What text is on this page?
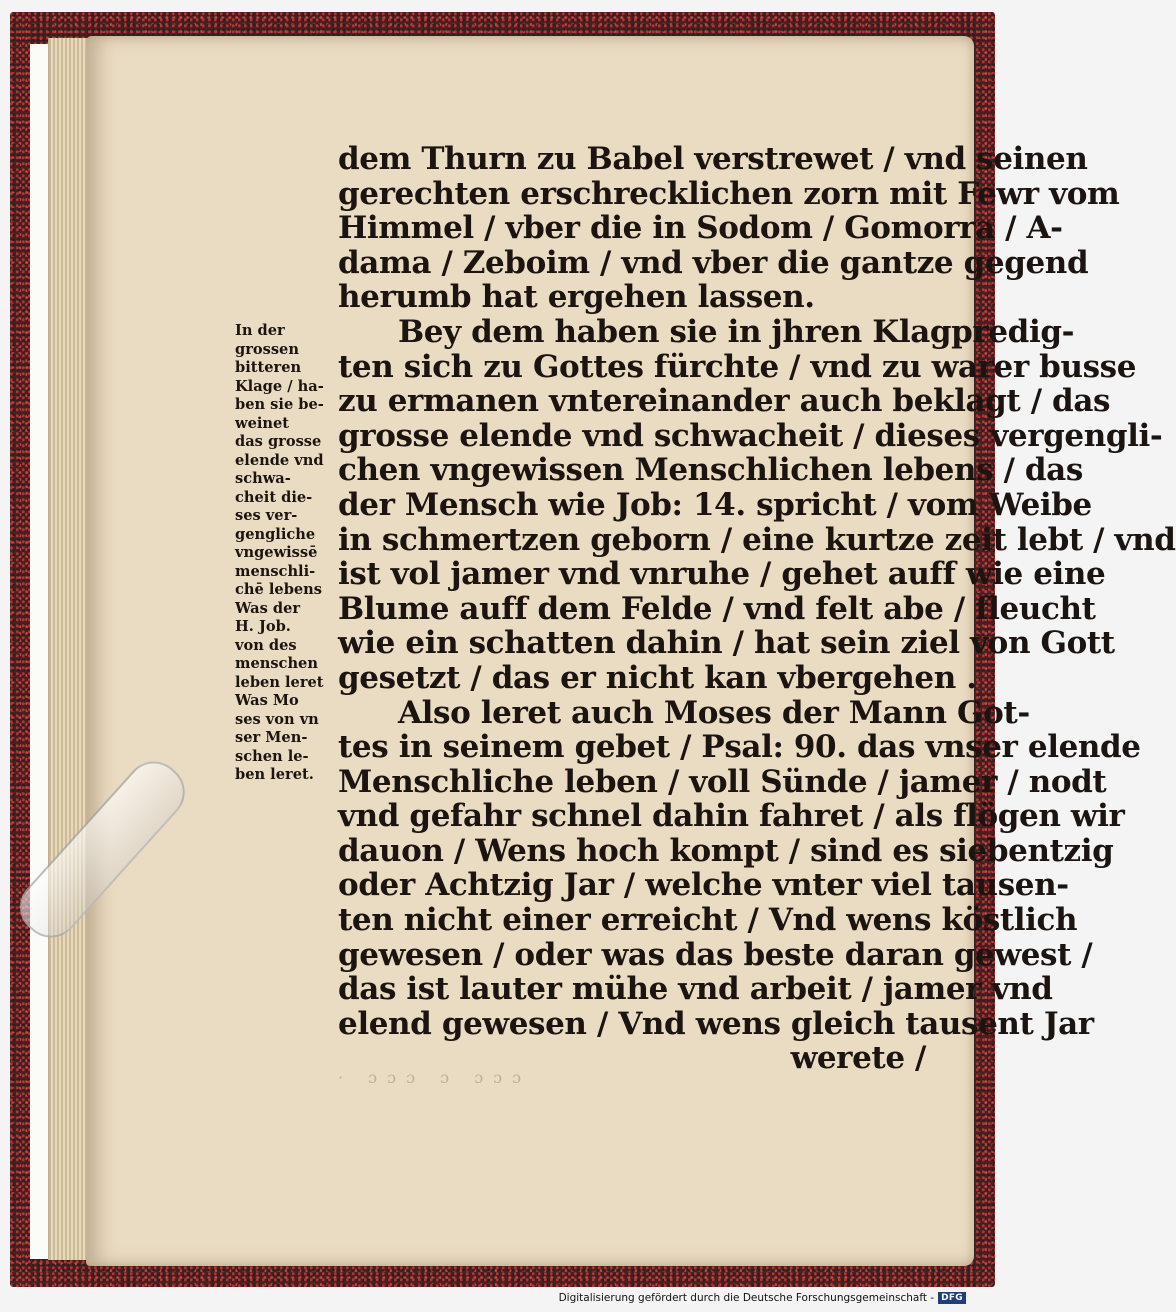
In der
grossen
bitteren
Klage / ha-
ben sie be-
weinet
das grosse
elende vnd
schwa-
cheit die-
ses ver-
gengliche
vngewissē
menschli-
chē lebens
Was der
H. Job.
von des
menschen
leben leret
Was Mo
ses von vn
ser Men-
schen le-
ben leret.
dem Thurn zu Babel verstrewet / vnd seinen
gerechten erschrecklichen zorn mit Fewr vom
Himmel / vber die in Sodom / Gomorra / A-
dama / Zeboim / vnd vber die gantze gegend
herumb hat ergehen lassen.
Bey dem haben sie in jhren Klagpredig-
ten sich zu Gottes fürchte / vnd zu warer busse
zu ermanen vntereinander auch beklagt / das
grosse elende vnd schwacheit / dieses vergengli-
chen vngewissen Menschlichen lebens / das
der Mensch wie Job: 14. spricht / vom Weibe
in schmertzen geborn / eine kurtze zeit lebt / vnd
ist vol jamer vnd vnruhe / gehet auff wie eine
Blume auff dem Felde / vnd felt abe / fleucht
wie ein schatten dahin / hat sein ziel von Gott
gesetzt / das er nicht kan vbergehen .
Also leret auch Moses der Mann Got-
tes in seinem gebet / Psal: 90. das vnser elende
Menschliche leben / voll Sünde / jamer / nodt
vnd gefahr schnel dahin fahret / als flögen wir
dauon / Wens hoch kompt / sind es siebentzig
oder Achtzig Jar / welche vnter viel tausen-
ten nicht einer erreicht / Vnd wens köstlich
gewesen / oder was das beste daran gewest /
das ist lauter mühe vnd arbeit / jamer vnd
elend gewesen / Vnd wens gleich tausent Jar
werete /
· ɔɔɔ ɔ ɔɔɔ
Digitalisierung gefördert durch die Deutsche Forschungsgemeinschaft - DFG
